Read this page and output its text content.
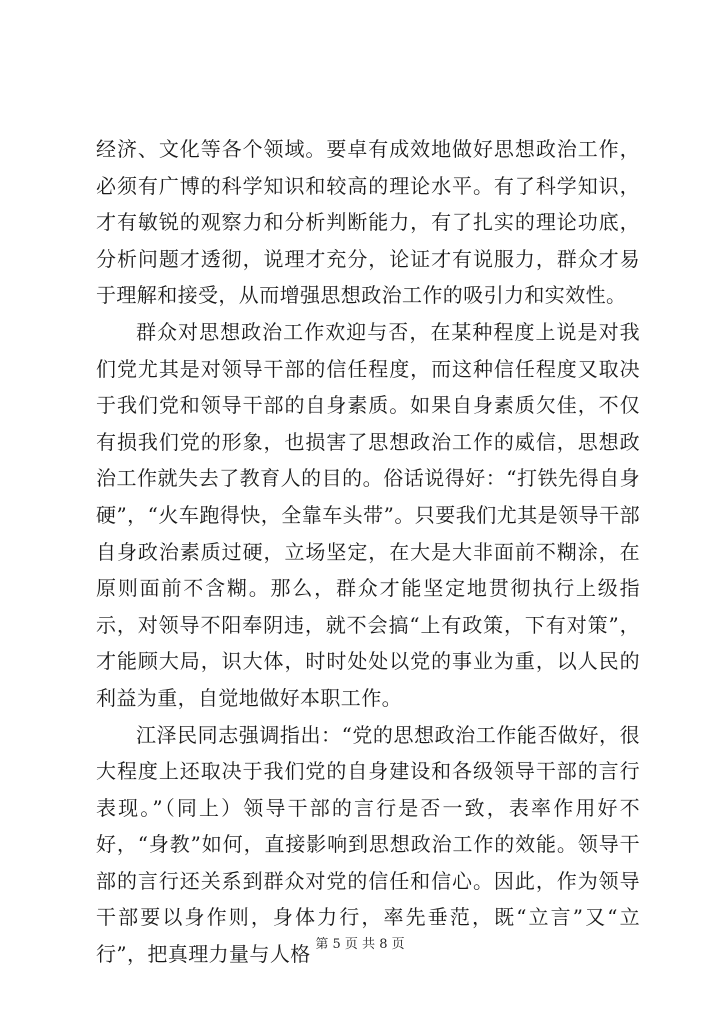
经济、文化等各个领域。要卓有成效地做好思想政治工作，必须有广博的科学知识和较高的理论水平。有了科学知识，才有敏锐的观察力和分析判断能力，有了扎实的理论功底，分析问题才透彻，说理才充分，论证才有说服力，群众才易于理解和接受，从而增强思想政治工作的吸引力和实效性。

群众对思想政治工作欢迎与否，在某种程度上说是对我们党尤其是对领导干部的信任程度，而这种信任程度又取决于我们党和领导干部的自身素质。如果自身素质欠佳，不仅有损我们党的形象，也损害了思想政治工作的威信，思想政治工作就失去了教育人的目的。俗话说得好：“打铁先得自身硬”，“火车跑得快，全靠车头带”。只要我们尤其是领导干部自身政治素质过硬，立场坚定，在大是大非面前不糊涂，在原则面前不含糊。那么，群众才能坚定地贯彻执行上级指示，对领导不阳奉阴违，就不会搞“上有政策，下有对策”，才能顾大局，识大体，时时处处以党的事业为重，以人民的利益为重，自觉地做好本职工作。

江泽民同志强调指出：“党的思想政治工作能否做好，很大程度上还取决于我们党的自身建设和各级领导干部的言行表现。”（同上）领导干部的言行是否一致，表率作用好不好，“身教”如何，直接影响到思想政治工作的效能。领导干部的言行还关系到群众对党的信任和信心。因此，作为领导干部要以身作则，身体力行，率先垂范，既“立言”又“立行”，把真理力量与人格 第 5 页 共 8 页
